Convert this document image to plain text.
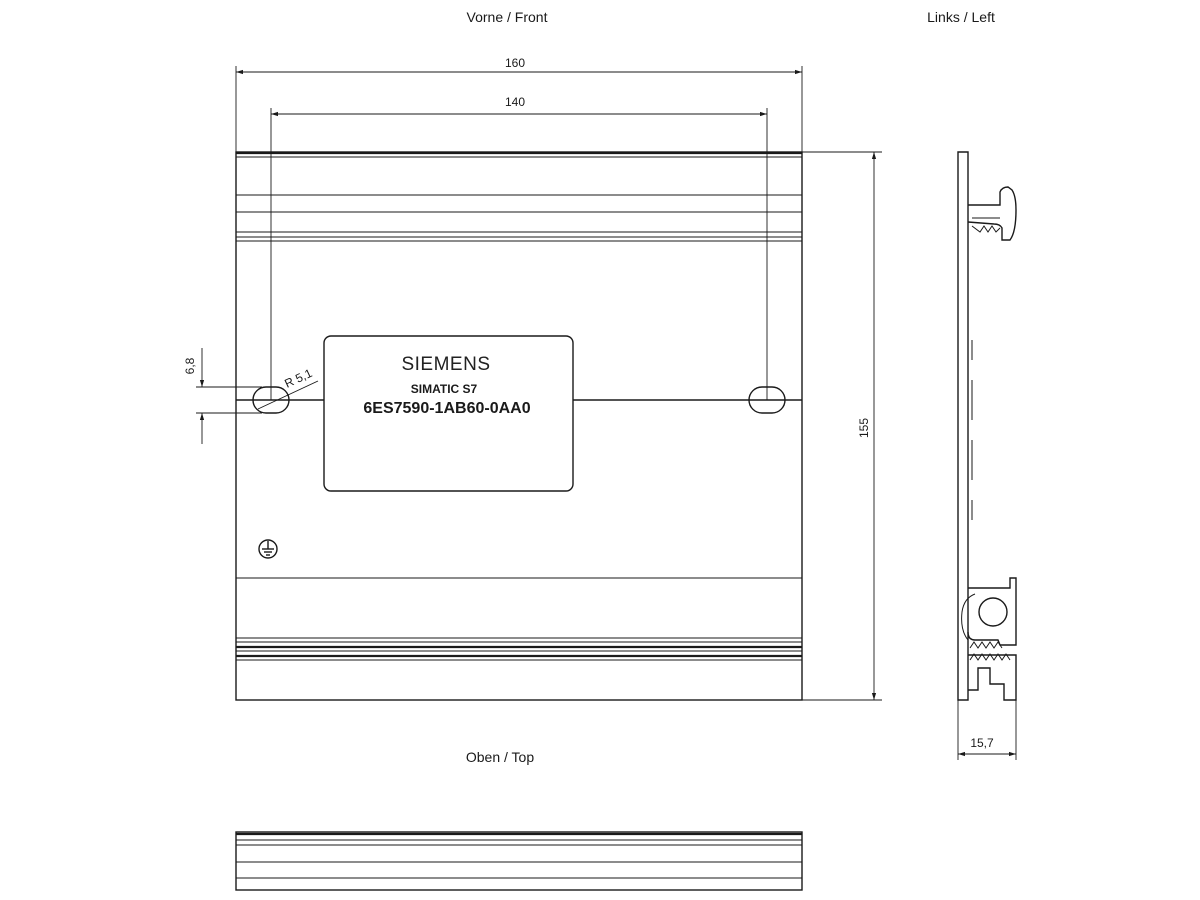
Vorne / Front	Links / Left
Oben / Top
SIEMENS
SIMATIC S7
6ES7590-1AB60-0AA0
160
140
155
6,8	R 5,1
15,7
